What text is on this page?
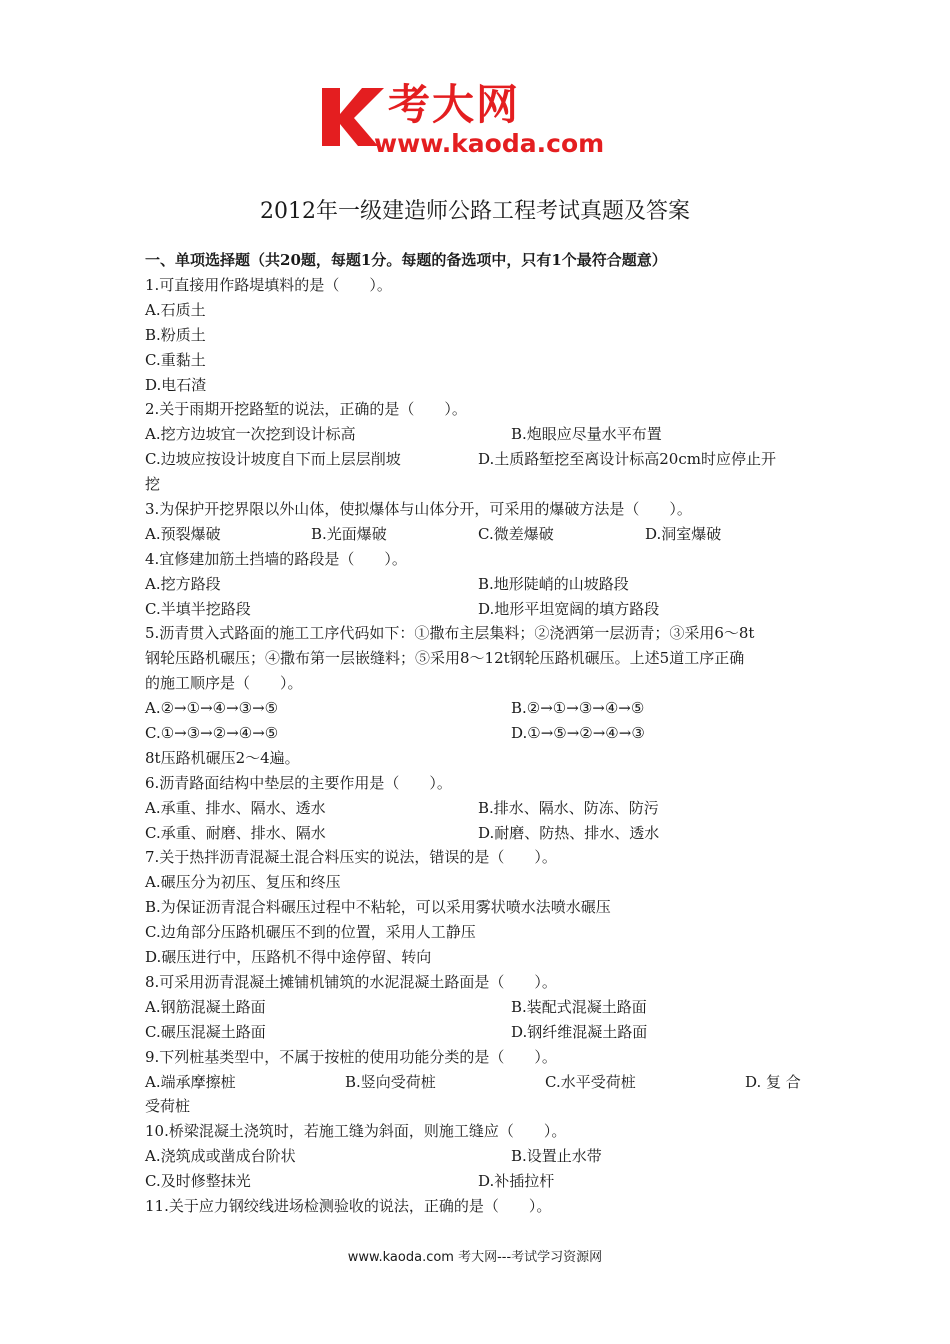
考大网
www.kaoda.com
2012年一级建造师公路工程考试真题及答案
一、单项选择题（共20题，每题1分。每题的备选项中，只有1个最符合题意）
1.可直接用作路堤填料的是（　　）。
A.石质土
B.粉质土
C.重黏土
D.电石渣
2.关于雨期开挖路堑的说法，正确的是（　　）。
A.挖方边坡宜一次挖到设计标高	B.炮眼应尽量水平布置
C.边坡应按设计坡度自下而上层层削坡	D.土质路堑挖至离设计标高20cm时应停止开
挖
3.为保护开挖界限以外山体，使拟爆体与山体分开，可采用的爆破方法是（　　）。
A.预裂爆破	B.光面爆破	C.微差爆破	D.洞室爆破
4.宜修建加筋土挡墙的路段是（　　）。
A.挖方路段	B.地形陡峭的山坡路段
C.半填半挖路段	D.地形平坦宽阔的填方路段
5.沥青贯入式路面的施工工序代码如下：①撒布主层集料；②浇洒第一层沥青；③采用6～8t
钢轮压路机碾压；④撒布第一层嵌缝料；⑤采用8～12t钢轮压路机碾压。上述5道工序正确
的施工顺序是（　　）。
A.②→①→④→③→⑤	B.②→①→③→④→⑤
C.①→③→②→④→⑤	D.①→⑤→②→④→③
8t压路机碾压2～4遍。
6.沥青路面结构中垫层的主要作用是（　　）。
A.承重、排水、隔水、透水	B.排水、隔水、防冻、防污
C.承重、耐磨、排水、隔水	D.耐磨、防热、排水、透水
7.关于热拌沥青混凝土混合料压实的说法，错误的是（　　）。
A.碾压分为初压、复压和终压
B.为保证沥青混合料碾压过程中不粘轮，可以采用雾状喷水法喷水碾压
C.边角部分压路机碾压不到的位置，采用人工静压
D.碾压进行中，压路机不得中途停留、转向
8.可采用沥青混凝土摊铺机铺筑的水泥混凝土路面是（　　）。
A.钢筋混凝土路面	B.装配式混凝土路面
C.碾压混凝土路面	D.钢纤维混凝土路面
9.下列桩基类型中，不属于按桩的使用功能分类的是（　　）。
A.端承摩擦桩	B.竖向受荷桩	C.水平受荷桩	D. 复 合
受荷桩
10.桥梁混凝土浇筑时，若施工缝为斜面，则施工缝应（　　）。
A.浇筑成或凿成台阶状	B.设置止水带
C.及时修整抹光	D.补插拉杆
11.关于应力钢绞线进场检测验收的说法，正确的是（　　）。
www.kaoda.com 考大网---考试学习资源网
